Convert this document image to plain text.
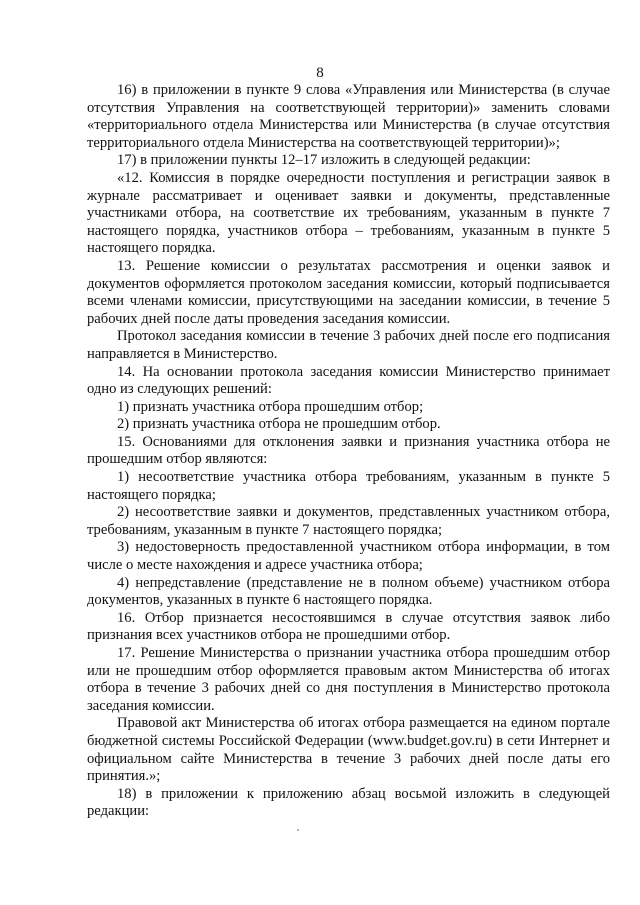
8

16) в приложении в пункте 9 слова «Управления или Министерства (в случае отсутствия Управления на соответствующей территории)» заменить словами «территориального отдела Министерства или Министерства (в случае отсутствия территориального отдела Министерства на соответствующей территории)»;

17) в приложении пункты 12–17 изложить в следующей редакции:

«12. Комиссия в порядке очередности поступления и регистрации заявок в журнале рассматривает и оценивает заявки и документы, представленные участниками отбора, на соответствие их требованиям, указанным в пункте 7 настоящего порядка, участников отбора – требованиям, указанным в пункте 5 настоящего порядка.

13. Решение комиссии о результатах рассмотрения и оценки заявок и документов оформляется протоколом заседания комиссии, который подписывается всеми членами комиссии, присутствующими на заседании комиссии, в течение 5 рабочих дней после даты проведения заседания комиссии.

Протокол заседания комиссии в течение 3 рабочих дней после его подписания направляется в Министерство.

14. На основании протокола заседания комиссии Министерство принимает одно из следующих решений:

1) признать участника отбора прошедшим отбор;

2) признать участника отбора не прошедшим отбор.

15. Основаниями для отклонения заявки и признания участника отбора не прошедшим отбор являются:

1) несоответствие участника отбора требованиям, указанным в пункте 5 настоящего порядка;

2) несоответствие заявки и документов, представленных участником отбора, требованиям, указанным в пункте 7 настоящего порядка;

3) недостоверность предоставленной участником отбора информации, в том числе о месте нахождения и адресе участника отбора;

4) непредставление (представление не в полном объеме) участником отбора документов, указанных в пункте 6 настоящего порядка.

16. Отбор признается несостоявшимся в случае отсутствия заявок либо признания всех участников отбора не прошедшими отбор.

17. Решение Министерства о признании участника отбора прошедшим отбор или не прошедшим отбор оформляется правовым актом Министерства об итогах отбора в течение 3 рабочих дней со дня поступления в Министерство протокола заседания комиссии.

Правовой акт Министерства об итогах отбора размещается на едином портале бюджетной системы Российской Федерации (www.budget.gov.ru) в сети Интернет и официальном сайте Министерства в течение 3 рабочих дней после даты его принятия.»;

18) в приложении к приложению абзац восьмой изложить в следующей редакции:
